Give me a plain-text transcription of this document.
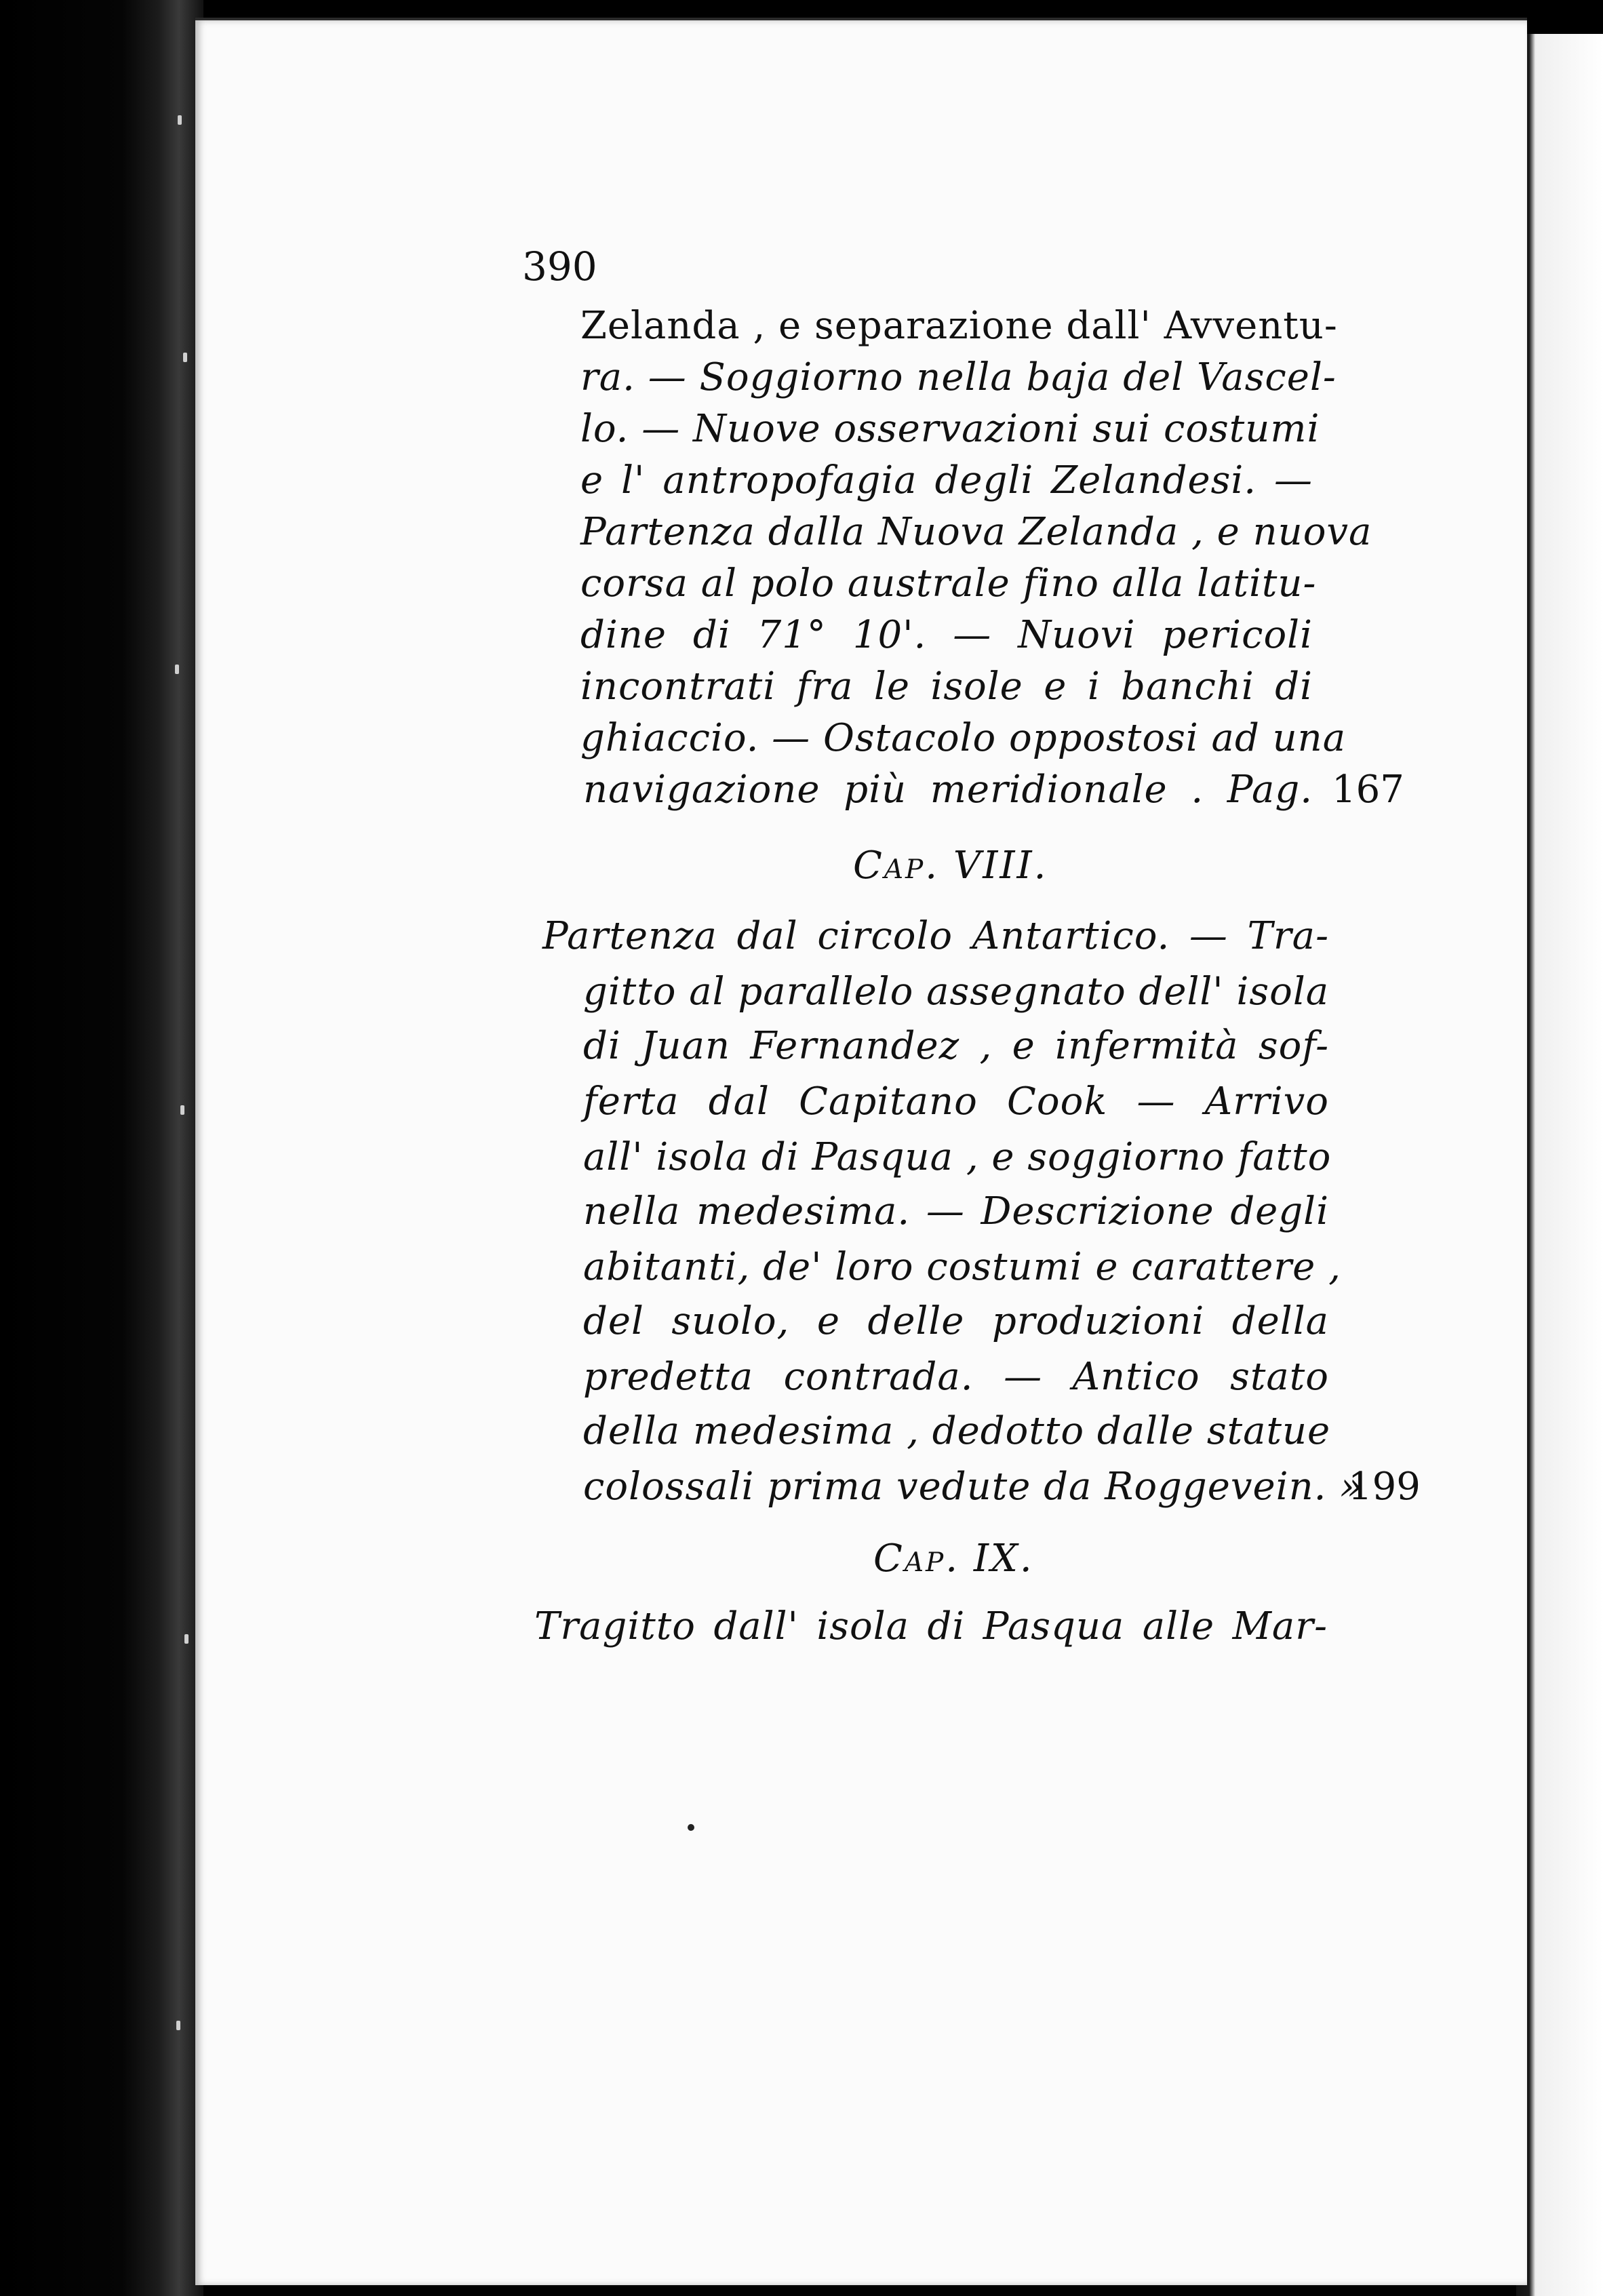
390
Zelanda , e separazione dall' Avventu-
ra. — Soggiorno nella baja del Vascel-
lo. — Nuove osservazioni sui costumi
e l' antropofagia degli Zelandesi. —
Partenza dalla Nuova Zelanda , e nuova
corsa al polo australe fino alla latitu-
dine di 71° 10'. — Nuovi pericoli
incontrati fra le isole e i banchi di
ghiaccio. — Ostacolo oppostosi ad una
navigazione più meridionale . Pag. 167
Cap. VIII.
Partenza dal circolo Antartico. — Tra-
gitto al parallelo assegnato dell' isola
di Juan Fernandez , e infermità sof-
ferta dal Capitano Cook — Arrivo
all' isola di Pasqua , e soggiorno fatto
nella medesima. — Descrizione degli
abitanti, de' loro costumi e carattere ,
del suolo, e delle produzioni della
predetta contrada. — Antico stato
della medesima , dedotto dalle statue
colossali prima vedute da Roggevein. »
199
Cap. IX.
Tragitto dall' isola di Pasqua alle Mar-
